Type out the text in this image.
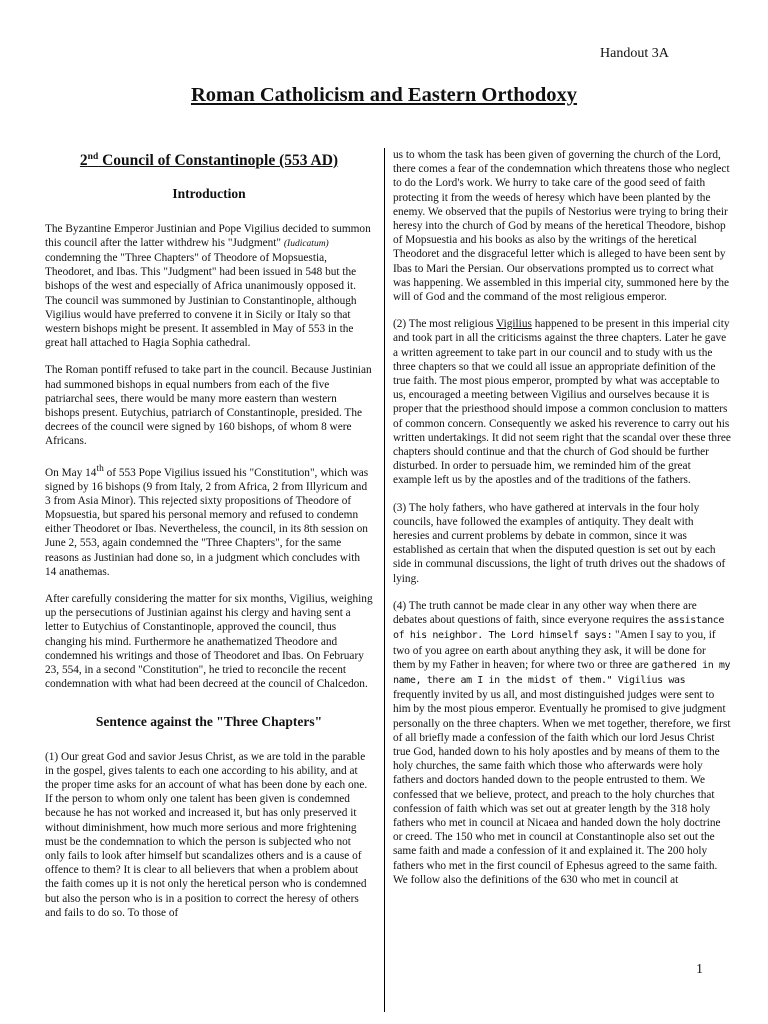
Handout 3A

Roman Catholicism and Eastern Orthodoxy
2nd Council of Constantinople (553 AD)
Introduction

The Byzantine Emperor Justinian and Pope Vigilius decided to summon this council after the latter withdrew his "Judgment" (Iudicatum) condemning the "Three Chapters" of Theodore of Mopsuestia, Theodoret, and Ibas. This "Judgment" had been issued in 548 but the bishops of the west and especially of Africa unanimously opposed it. The council was summoned by Justinian to Constantinople, although Vigilius would have preferred to convene it in Sicily or Italy so that western bishops might be present. It assembled in May of 553 in the great hall attached to Hagia Sophia cathedral.

The Roman pontiff refused to take part in the council. Because Justinian had summoned bishops in equal numbers from each of the five patriarchal sees, there would be many more eastern than western bishops present. Eutychius, patriarch of Constantinople, presided. The decrees of the council were signed by 160 bishops, of whom 8 were Africans.

On May 14th of 553 Pope Vigilius issued his "Constitution", which was signed by 16 bishops (9 from Italy, 2 from Africa, 2 from Illyricum and 3 from Asia Minor). This rejected sixty propositions of Theodore of Mopsuestia, but spared his personal memory and refused to condemn either Theodoret or Ibas. Nevertheless, the council, in its 8th session on June 2, 553, again condemned the "Three Chapters", for the same reasons as Justinian had done so, in a judgment which concludes with 14 anathemas.

After carefully considering the matter for six months, Vigilius, weighing up the persecutions of Justinian against his clergy and having sent a letter to Eutychius of Constantinople, approved the council, thus changing his mind. Furthermore he anathematized Theodore and condemned his writings and those of Theodoret and Ibas. On February 23, 554, in a second "Constitution", he tried to reconcile the recent condemnation with what had been decreed at the council of Chalcedon.

Sentence against the "Three Chapters"

(1) Our great God and savior Jesus Christ, as we are told in the parable in the gospel, gives talents to each one according to his ability, and at the proper time asks for an account of what has been done by each one. If the person to whom only one talent has been given is condemned because he has not worked and increased it, but has only preserved it without diminishment, how much more serious and more frightening must be the condemnation to which the person is subjected who not only fails to look after himself but scandalizes others and is a cause of offence to them? It is clear to all believers that when a problem about the faith comes up it is not only the heretical person who is condemned but also the person who is in a position to correct the heresy of others and fails to do so. To those of

us to whom the task has been given of governing the church of the Lord, there comes a fear of the condemnation which threatens those who neglect to do the Lord's work. We hurry to take care of the good seed of faith protecting it from the weeds of heresy which have been planted by the enemy. We observed that the pupils of Nestorius were trying to bring their heresy into the church of God by means of the heretical Theodore, bishop of Mopsuestia and his books as also by the writings of the heretical Theodoret and the disgraceful letter which is alleged to have been sent by Ibas to Mari the Persian. Our observations prompted us to correct what was happening. We assembled in this imperial city, summoned here by the will of God and the command of the most religious emperor.

(2) The most religious Vigilius happened to be present in this imperial city and took part in all the criticisms against the three chapters. Later he gave a written agreement to take part in our council and to study with us the three chapters so that we could all issue an appropriate definition of the true faith. The most pious emperor, prompted by what was acceptable to us, encouraged a meeting between Vigilius and ourselves because it is proper that the priesthood should impose a common conclusion to matters of common concern. Consequently we asked his reverence to carry out his written undertakings. It did not seem right that the scandal over these three chapters should continue and that the church of God should be further disturbed. In order to persuade him, we reminded him of the great example left us by the apostles and of the traditions of the fathers.

(3) The holy fathers, who have gathered at intervals in the four holy councils, have followed the examples of antiquity. They dealt with heresies and current problems by debate in common, since it was established as certain that when the disputed question is set out by each side in communal discussions, the light of truth drives out the shadows of lying.

(4) The truth cannot be made clear in any other way when there are debates about questions of faith, since everyone requires the assistance of his neighbor. The Lord himself says: "Amen I say to you, if two of you agree on earth about anything they ask, it will be done for them by my Father in heaven; for where two or three are gathered in my name, there am I in the midst of them." Vigilius was frequently invited by us all, and most distinguished judges were sent to him by the most pious emperor. Eventually he promised to give judgment personally on the three chapters. When we met together, therefore, we first of all briefly made a confession of the faith which our lord Jesus Christ true God, handed down to his holy apostles and by means of them to the holy churches, the same faith which those who afterwards were holy fathers and doctors handed down to the people entrusted to them. We confessed that we believe, protect, and preach to the holy churches that confession of faith which was set out at greater length by the 318 holy fathers who met in council at Nicaea and handed down the holy doctrine or creed. The 150 who met in council at Constantinople also set out the same faith and made a confession of it and explained it. The 200 holy fathers who met in the first council of Ephesus agreed to the same faith. We follow also the definitions of the 630 who met in council at

1
